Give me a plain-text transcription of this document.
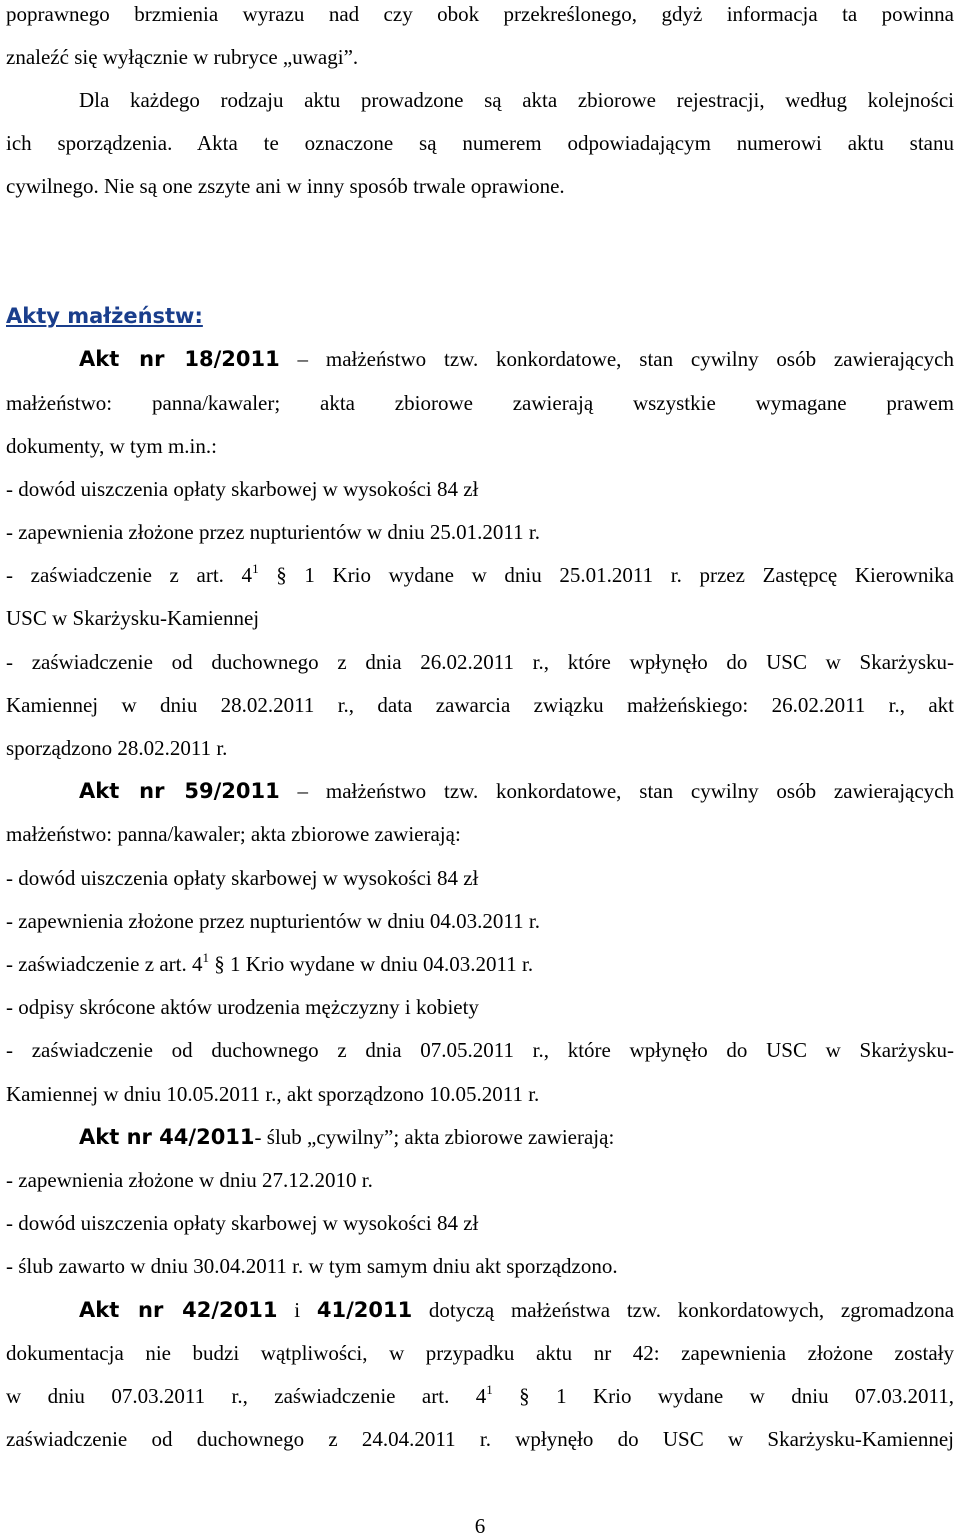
poprawnego brzmienia wyrazu nad czy obok przekreślonego, gdyż informacja ta powinna
znaleźć się wyłącznie w rubryce „uwagi”.
Dla każdego rodzaju aktu prowadzone są akta zbiorowe rejestracji, według kolejności
ich sporządzenia. Akta te oznaczone są numerem odpowiadającym numerowi aktu stanu
cywilnego. Nie są one zszyte ani w inny sposób trwale oprawione.
Akty małżeństw:
Akt nr 18/2011 – małżeństwo tzw. konkordatowe, stan cywilny osób zawierających
małżeństwo: panna/kawaler; akta zbiorowe zawierają wszystkie wymagane prawem
dokumenty, w tym m.in.:
- dowód uiszczenia opłaty skarbowej w wysokości 84 zł
- zapewnienia złożone przez nupturientów w dniu 25.01.2011 r.
- zaświadczenie z art. $4^1$ § 1 Krio wydane w dniu 25.01.2011 r. przez Zastępcę Kierownika
USC w Skarżysku-Kamiennej
- zaświadczenie od duchownego z dnia 26.02.2011 r., które wpłynęło do USC w Skarżysku-
Kamiennej w dniu 28.02.2011 r., data zawarcia związku małżeńskiego: 26.02.2011 r., akt
sporządzono 28.02.2011 r.
Akt nr 59/2011 – małżeństwo tzw. konkordatowe, stan cywilny osób zawierających
małżeństwo: panna/kawaler; akta zbiorowe zawierają:
- dowód uiszczenia opłaty skarbowej w wysokości 84 zł
- zapewnienia złożone przez nupturientów w dniu 04.03.2011 r.
- zaświadczenie z art. $4^1$ § 1 Krio wydane w dniu 04.03.2011 r.
- odpisy skrócone aktów urodzenia mężczyzny i kobiety
- zaświadczenie od duchownego z dnia 07.05.2011 r., które wpłynęło do USC w Skarżysku-
Kamiennej w dniu 10.05.2011 r., akt sporządzono 10.05.2011 r.
Akt nr 44/2011- ślub „cywilny”; akta zbiorowe zawierają:
- zapewnienia złożone w dniu 27.12.2010 r.
- dowód uiszczenia opłaty skarbowej w wysokości 84 zł
- ślub zawarto w dniu 30.04.2011 r. w tym samym dniu akt sporządzono.
Akt nr 42/2011 i 41/2011 dotyczą małżeństwa tzw. konkordatowych, zgromadzona
dokumentacja nie budzi wątpliwości, w przypadku aktu nr 42: zapewnienia złożone zostały
w dniu 07.03.2011 r., zaświadczenie art. $4^1$ § 1 Krio wydane w dniu 07.03.2011,
zaświadczenie od duchownego z 24.04.2011 r. wpłynęło do USC w Skarżysku-Kamiennej
6
